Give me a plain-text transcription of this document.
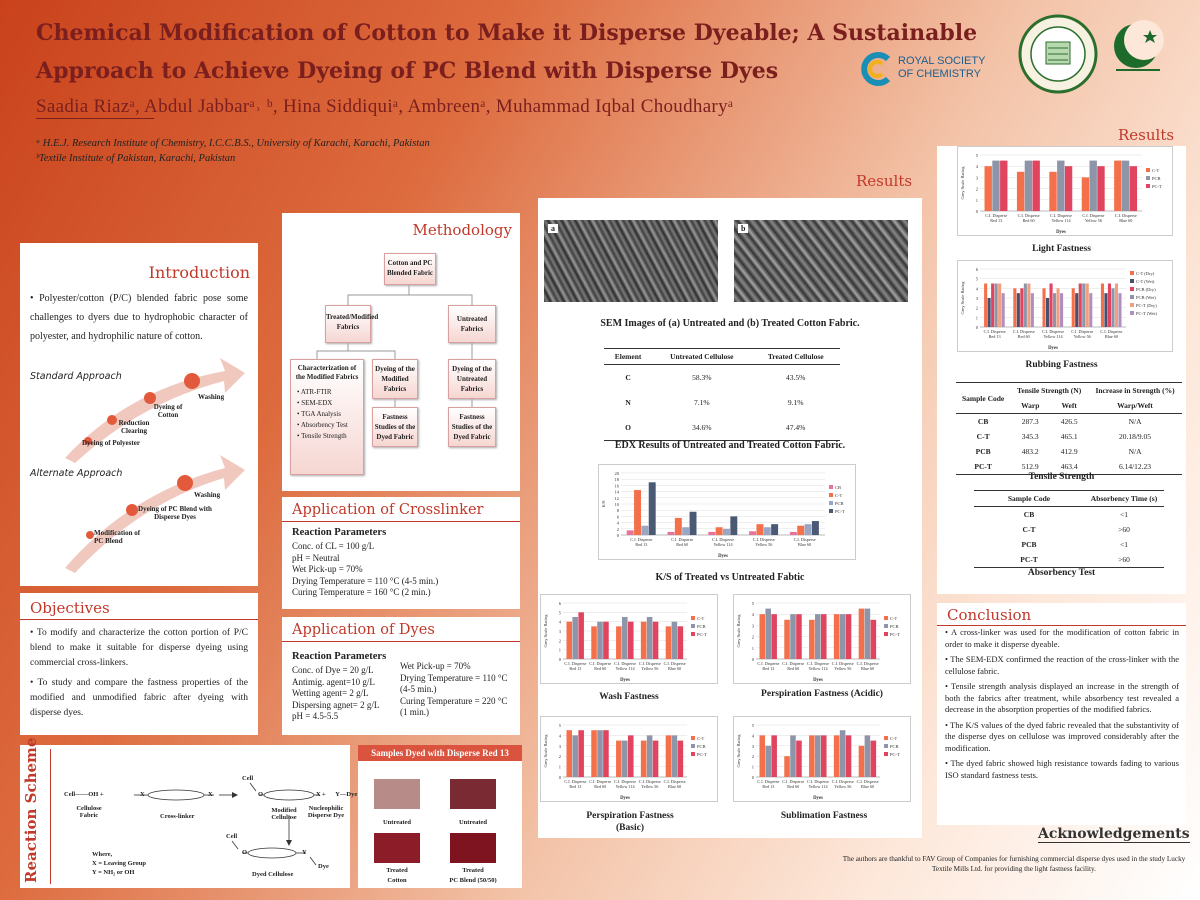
Chemical Modification of Cotton to Make it Disperse Dyeable; A Sustainable
Approach to Achieve Dyeing of PC Blend with Disperse Dyes	ROYAL SOCIETY
OF CHEMISTRY
Saadia Riazᵃ, Abdul Jabbarᵃ˒ ᵇ, Hina Siddiquiᵃ, Ambreenᵃ, Muhammad Iqbal Choudharyᵃ
ᵃ H.E.J. Research Institute of Chemistry, I.C.C.B.S., University of Karachi, Karachi, Pakistan
ᵇTextile Institute of Pakistan, Karachi, Pakistan
Introduction

• Polyester/cotton (P/C) blended fabric pose some challenges to dyers due to hydrophobic character of polyester, and hydrophilic nature of cotton.

Standard Approach
Dyeing of Polyester
Reduction Clearing
Dyeing of Cotton
Washing
Alternate Approach
Modification of PC Blend
Dyeing of PC Blend with Disperse Dyes
Washing
Objectives

• To modify and characterize the cotton portion of P/C blend to make it suitable for disperse dyeing using commercial cross-linkers.

• To study and compare the fastness properties of the modified and unmodified fabric after dyeing with disperse dyes.

Reaction Scheme	Cell——OH +	X	X
Cellulose Fabric	Cross-linker
Cell
O	X +      Y—Dye
Modified Cellulose
Nucleophilic Disperse Dye
Cell
O	Y
Dye
Dyed Cellulose
Where,
X = Leaving Group
Y = NH₂ or OH
Methodology
Cotton and PC Blended Fabric
Treated/Modified Fabrics
Untreated Fabrics
Characterization of the Modified Fabrics
• ATR-FTIR
• SEM-EDX
• TGA Analysis
• Absorbency Test
• Tensile Strength
Dyeing of the Modified Fabrics
Dyeing of the Untreated Fabrics
Fastness Studies of the Dyed Fabric
Fastness Studies of the Dyed Fabric
Application of Crosslinker
Reaction Parameters
Conc. of CL = 100 g/L
pH = Neutral
Wet Pick-up = 70%
Drying Temperature = 110 °C (4-5 min.)
Curing Temperature = 160 °C (2 min.)
Application of Dyes
Reaction Parameters
Conc. of Dye = 20 g/L
Antimig. agent=10 g/L
Wetting agent= 2 g/L
Dispersing agnet= 2 g/L
pH = 4.5-5.5
Wet Pick-up = 70%
Drying Temperature = 110 °C (4-5 min.)
Curing Temperature = 220 °C (1 min.)
Samples Dyed with Disperse Red 13
Untreated	Untreated
Treated	Treated
Cotton	PC Blend (50/50)
Results
a	b
SEM Images of (a) Untreated and (b) Treated Cotton Fabric.
Element	Untreated Cellulose	Treated Cellulose
C	58.3%	43.5%
N	7.1%	9.1%
O	34.6%	47.4%
EDX Results of Untreated and Treated Cotton Fabric.
0
2
4
6
8
10
12
14
16
18
20
K/S
C.I. Disperse
Red 13
C.I. Disperse
Red 60
C.I. Disperse
Yellow 114
C.I. Disperse
Yellow 56
C.I. Disperse
Blue 60
Dyes
CB
C-T
PCB
PC-T
K/S of Treated vs Untreated Fabtic
0
1
2
3
4
5
6
Grey Scale Rating
C.I. Disperse
Red 13
C.I. Disperse
Red 60
C.I. Disperse
Yellow 114
C.I. Disperse
Yellow 56
C.I. Disperse
Blue 60
Dyes
C-T
PCB
PC-T
Wash Fastness
0
1
2
3
4
5
Grey Scale Rating
C.I. Disperse
Red 13
C.I. Disperse
Red 60
C.I. Disperse
Yellow 114
C.I. Disperse
Yellow 56
C.I. Disperse
Blue 60
Dyes
C-T
PCB
PC-T
Perspiration Fastness (Acidic)
0
1
2
3
4
5
Grey Scale Rating
C.I. Disperse
Red 13
C.I. Disperse
Red 60
C.I. Disperse
Yellow 114
C.I. Disperse
Yellow 56
C.I. Disperse
Blue 60
Dyes
C-T
PCB
PC-T
Perspiration Fastness (Basic)
0
1
2
3
4
5
Grey Scale Rating
C.I. Disperse
Red 13
C.I. Disperse
Red 60
C.I. Disperse
Yellow 114
C.I. Disperse
Yellow 56
C.I. Disperse
Blue 60
Dyes
C-T
PCB
PC-T
Sublimation Fastness
Results
0
1
2
3
4
5
Grey Scale Rating
C.I. Disperse
Red 13
C.I. Disperse
Red 60
C.I. Disperse
Yellow 114
C.I. Disperse
Yellow 56
C.I. Disperse
Blue 60
Dyes
C-T
PCB
PC-T
Light Fastness
0
1
2
3
4
5
6
Grey Scale Rating
C.I. Disperse
Red 13
C.I. Disperse
Red 60
C.I. Disperse
Yellow 114
C.I. Disperse
Yellow 56
C.I. Disperse
Blue 60
Dyes
C-T (Dry)
C-T (Wet)
PCB (Dry)
PCB (Wet)
PC-T (Dry)
PC-T (Wet)
Rubbing Fastness
Sample Code	Tensile Strength (N)		Increase in Strength (%)
	Warp	Weft	Warp/Weft
CB	287.3	426.5	N/A
C-T	345.3	465.1	20.18/9.05
PCB	483.2	412.9	N/A
PC-T	512.9	463.4	6.14/12.23
Tensile Strength
Sample Code	Absorbency Time (s)
CB	<1
C-T	>60
PCB	<1
PC-T	>60
Absorbency Test
Conclusion

• A cross-linker was used for the modification of cotton fabric in order to make it disperse dyeable.

• The SEM-EDX confirmed the reaction of the cross-linker with the cellulose fabric.

• Tensile strength analysis displayed an increase in the strength of both the fabrics after treatment, while absorbency test revealed a decrease in the absorption properties of the modified fabrics.

• The K/S values of the dyed fabric revealed that the substantivity of the disperse dyes on cellulose was improved considerably after the modification.

• The dyed fabric showed high resistance towards fading to various ISO standard fastness tests.

Acknowledgements
The authors are thankful to FAV Group of Companies for furnishing commercial disperse dyes used in the study Lucky Textile Mills Ltd. for providing the light fastness facility.
